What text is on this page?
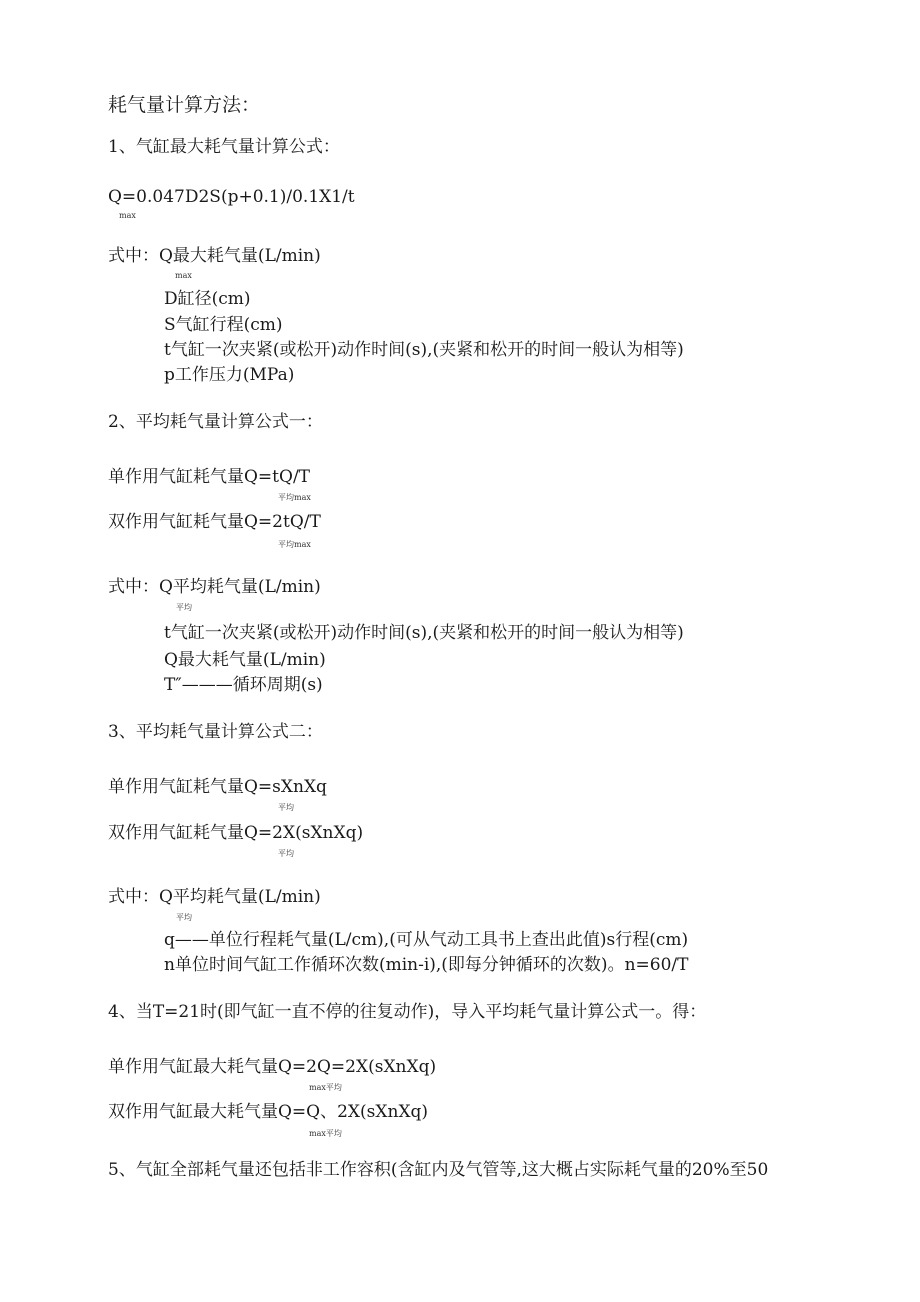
耗气量计算方法：
1、气缸最大耗气量计算公式：
Q=0.047D2S(p+0.1)/0.1X1/t
max
式中：Q最大耗气量(L/min)
max
D缸径(cm)
S气缸行程(cm)
t气缸一次夹紧(或松开)动作时间(s),(夹紧和松开的时间一般认为相等)
p工作压力(MPa)
2、平均耗气量计算公式一：
单作用气缸耗气量Q=tQ/T
平均max
双作用气缸耗气量Q=2tQ/T
平均max
式中：Q平均耗气量(L/min)
平均
t气缸一次夹紧(或松开)动作时间(s),(夹紧和松开的时间一般认为相等)
Q最大耗气量(L/min)
T″———循环周期(s)
3、平均耗气量计算公式二：
单作用气缸耗气量Q=sXnXq
平均
双作用气缸耗气量Q=2X(sXnXq)
平均
式中：Q平均耗气量(L/min)
平均
q——单位行程耗气量(L/cm),(可从气动工具书上查出此值)s行程(cm)
n单位时间气缸工作循环次数(min-i),(即每分钟循环的次数)。n=60/T
4、当T=21时(即气缸一直不停的往复动作)，导入平均耗气量计算公式一。得：
单作用气缸最大耗气量Q=2Q=2X(sXnXq)
max平均
双作用气缸最大耗气量Q=Q、2X(sXnXq)
max平均
5、气缸全部耗气量还包括非工作容积(含缸内及气管等,这大概占实际耗气量的20%至50
